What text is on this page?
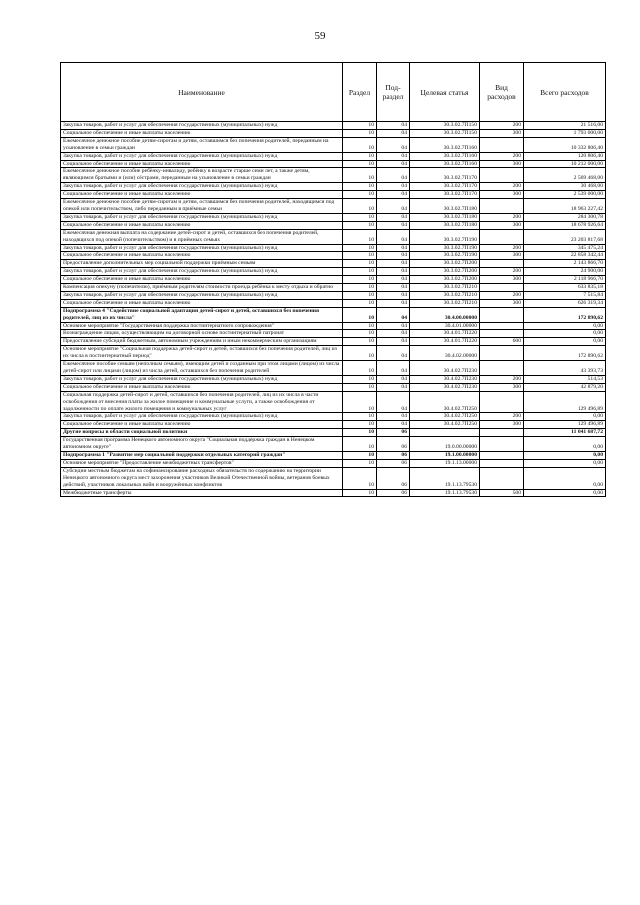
59
Наименование	Раздел	Под-раздел	Целевая статья	Вид расходов	Всего расходов
Закупка товаров, работ и услуг для обеспечения государственных (муниципальных) нужд	10	04	30.3.02.7П150	200	21 516,00
Социальное обеспечение и иные выплаты населению	10	04	30.3.02.7П150	300	1 793 000,00
Ежемесячное денежное пособие детям-сиротам и детям, оставшимся без попечения родителей, переданным на усыновление в семьи граждан	10	04	30.3.02.7П160		10 332 806,40
Закупка товаров, работ и услуг для обеспечения государственных (муниципальных) нужд	10	04	30.3.02.7П160	200	120 806,40
Социальное обеспечение и иные выплаты населению	10	04	30.3.02.7П160	300	10 212 000,00
Ежемесячное денежное пособие ребёнку-инвалиду, ребёнку в возрасте старше семи лет, а также детям, являющимся братьями и (или) сёстрами, переданным на усыновление в семьи граждан	10	04	30.3.02.7П170		2 569 468,00
Закупка товаров, работ и услуг для обеспечения государственных (муниципальных) нужд	10	04	30.3.02.7П170	200	30 468,00
Социальное обеспечение и иные выплаты населению	10	04	30.3.02.7П170	300	2 539 000,00
Ежемесячное денежное пособие детям-сиротам и детям, оставшимся без попечения родителей, находящимся под опекой или попечительством, либо переданным в приёмные семьи	10	04	30.3.02.7П180		18 963 227,42
Закупка товаров, работ и услуг для обеспечения государственных (муниципальных) нужд	10	04	30.3.02.7П180	200	284 300,78
Социальное обеспечение и иные выплаты населению	10	04	30.3.02.7П180	300	18 678 926,64
Ежемесячная денежная выплата на содержание детей-сирот и детей, оставшихся без попечения родителей, находящихся под опекой (попечительством) и в приёмных семьях	10	04	30.3.02.7П190		23 203 817,68
Закупка товаров, работ и услуг для обеспечения государственных (муниципальных) нужд	10	04	30.3.02.7П190	200	345 475,24
Социальное обеспечение и иные выплаты населению	10	04	30.3.02.7П190	300	22 858 342,44
Предоставление дополнительных мер социальной поддержки приёмным семьям	10	04	30.3.02.7П200		2 143 866,70
Закупка товаров, работ и услуг для обеспечения государственных (муниципальных) нужд	10	04	30.3.02.7П200	200	24 900,00
Социальное обеспечение и иные выплаты населению	10	04	30.3.02.7П200	300	2 118 966,70
Компенсация опекуну (попечителю), приёмным родителям стоимости проезда ребёнка к месту отдыха и обратно	10	04	30.3.02.7П210		633 835,18
Закупка товаров, работ и услуг для обеспечения государственных (муниципальных) нужд	10	04	30.3.02.7П210	200	7 515,84
Социальное обеспечение и иные выплаты населению	10	04	30.3.02.7П210	300	626 319,34
Подпрограмма 4 "Содействие социальной адаптации детей-сирот и детей, оставшихся без попечения родителей, лиц из их числа"	10	04	30.4.00.00000		172 890,62
Основное мероприятие "Государственная поддержка постинтернатного сопровождения"	10	04	30.4.01.00000		0,00
Вознаграждение лицам, осуществляющим на договорной основе постинтернатный патронат	10	04	30.4.01.7П220		0,00
Предоставление субсидий бюджетным, автономным учреждениям и иным некоммерческим организациям	10	04	30.4.01.7П220	600	0,00
Основное мероприятие "Социальная поддержка детей-сирот и детей, оставшихся без попечения родителей, лиц из их числа в постинтернатный период"	10	04	30.4.02.00000		172 890,62
Ежемесячное пособие семьям (неполным семьям), имеющим детей и созданным при этом лицами (лицом) из числа детей-сирот или лицами (лицом) из числа детей, оставшихся без попечения родителей	10	04	30.4.02.7П230		43 393,73
Закупка товаров, работ и услуг для обеспечения государственных (муниципальных) нужд	10	04	30.4.02.7П230	200	514,53
Социальное обеспечение и иные выплаты населению	10	04	30.4.02.7П230	300	42 879,20
Социальная поддержка детей-сирот и детей, оставшихся без попечения родителей, лиц из их числа в части освобождения от внесения платы за жилое помещение и коммунальные услуги, а также освобождения от задолженности по оплате жилого помещения и коммунальных услуг	10	04	30.4.02.7П250		129 496,89
Закупка товаров, работ и услуг для обеспечения государственных (муниципальных) нужд	10	04	30.4.02.7П250	200	0,00
Социальное обеспечение и иные выплаты населению	10	04	30.4.02.7П250	300	129 496,89
Другие вопросы в области социальной политики	10	06			11 041 687,72
Государственная программа Ненецкого автономного округа "Социальная поддержка граждан в Ненецком автономном округе"	10	06	19.0.00.00000		0,00
Подпрограмма 1 "Развитие мер социальной поддержки отдельных категорий граждан"	10	06	19.1.00.00000		0,00
Основное мероприятие "Предоставление межбюджетных трансфертов"	10	06	19.1.13.00000		0,00
Субсидии местным бюджетам на софинансирование расходных обязательств по содержанию на территории Ненецкого автономного округа мест захоронения участников Великой Отечественной войны, ветеранов боевых действий, участников локальных войн и вооружённых конфликтов	10	06	19.1.13.79530		0,00
Межбюджетные трансферты	10	06	19.1.13.79530	500	0,00
